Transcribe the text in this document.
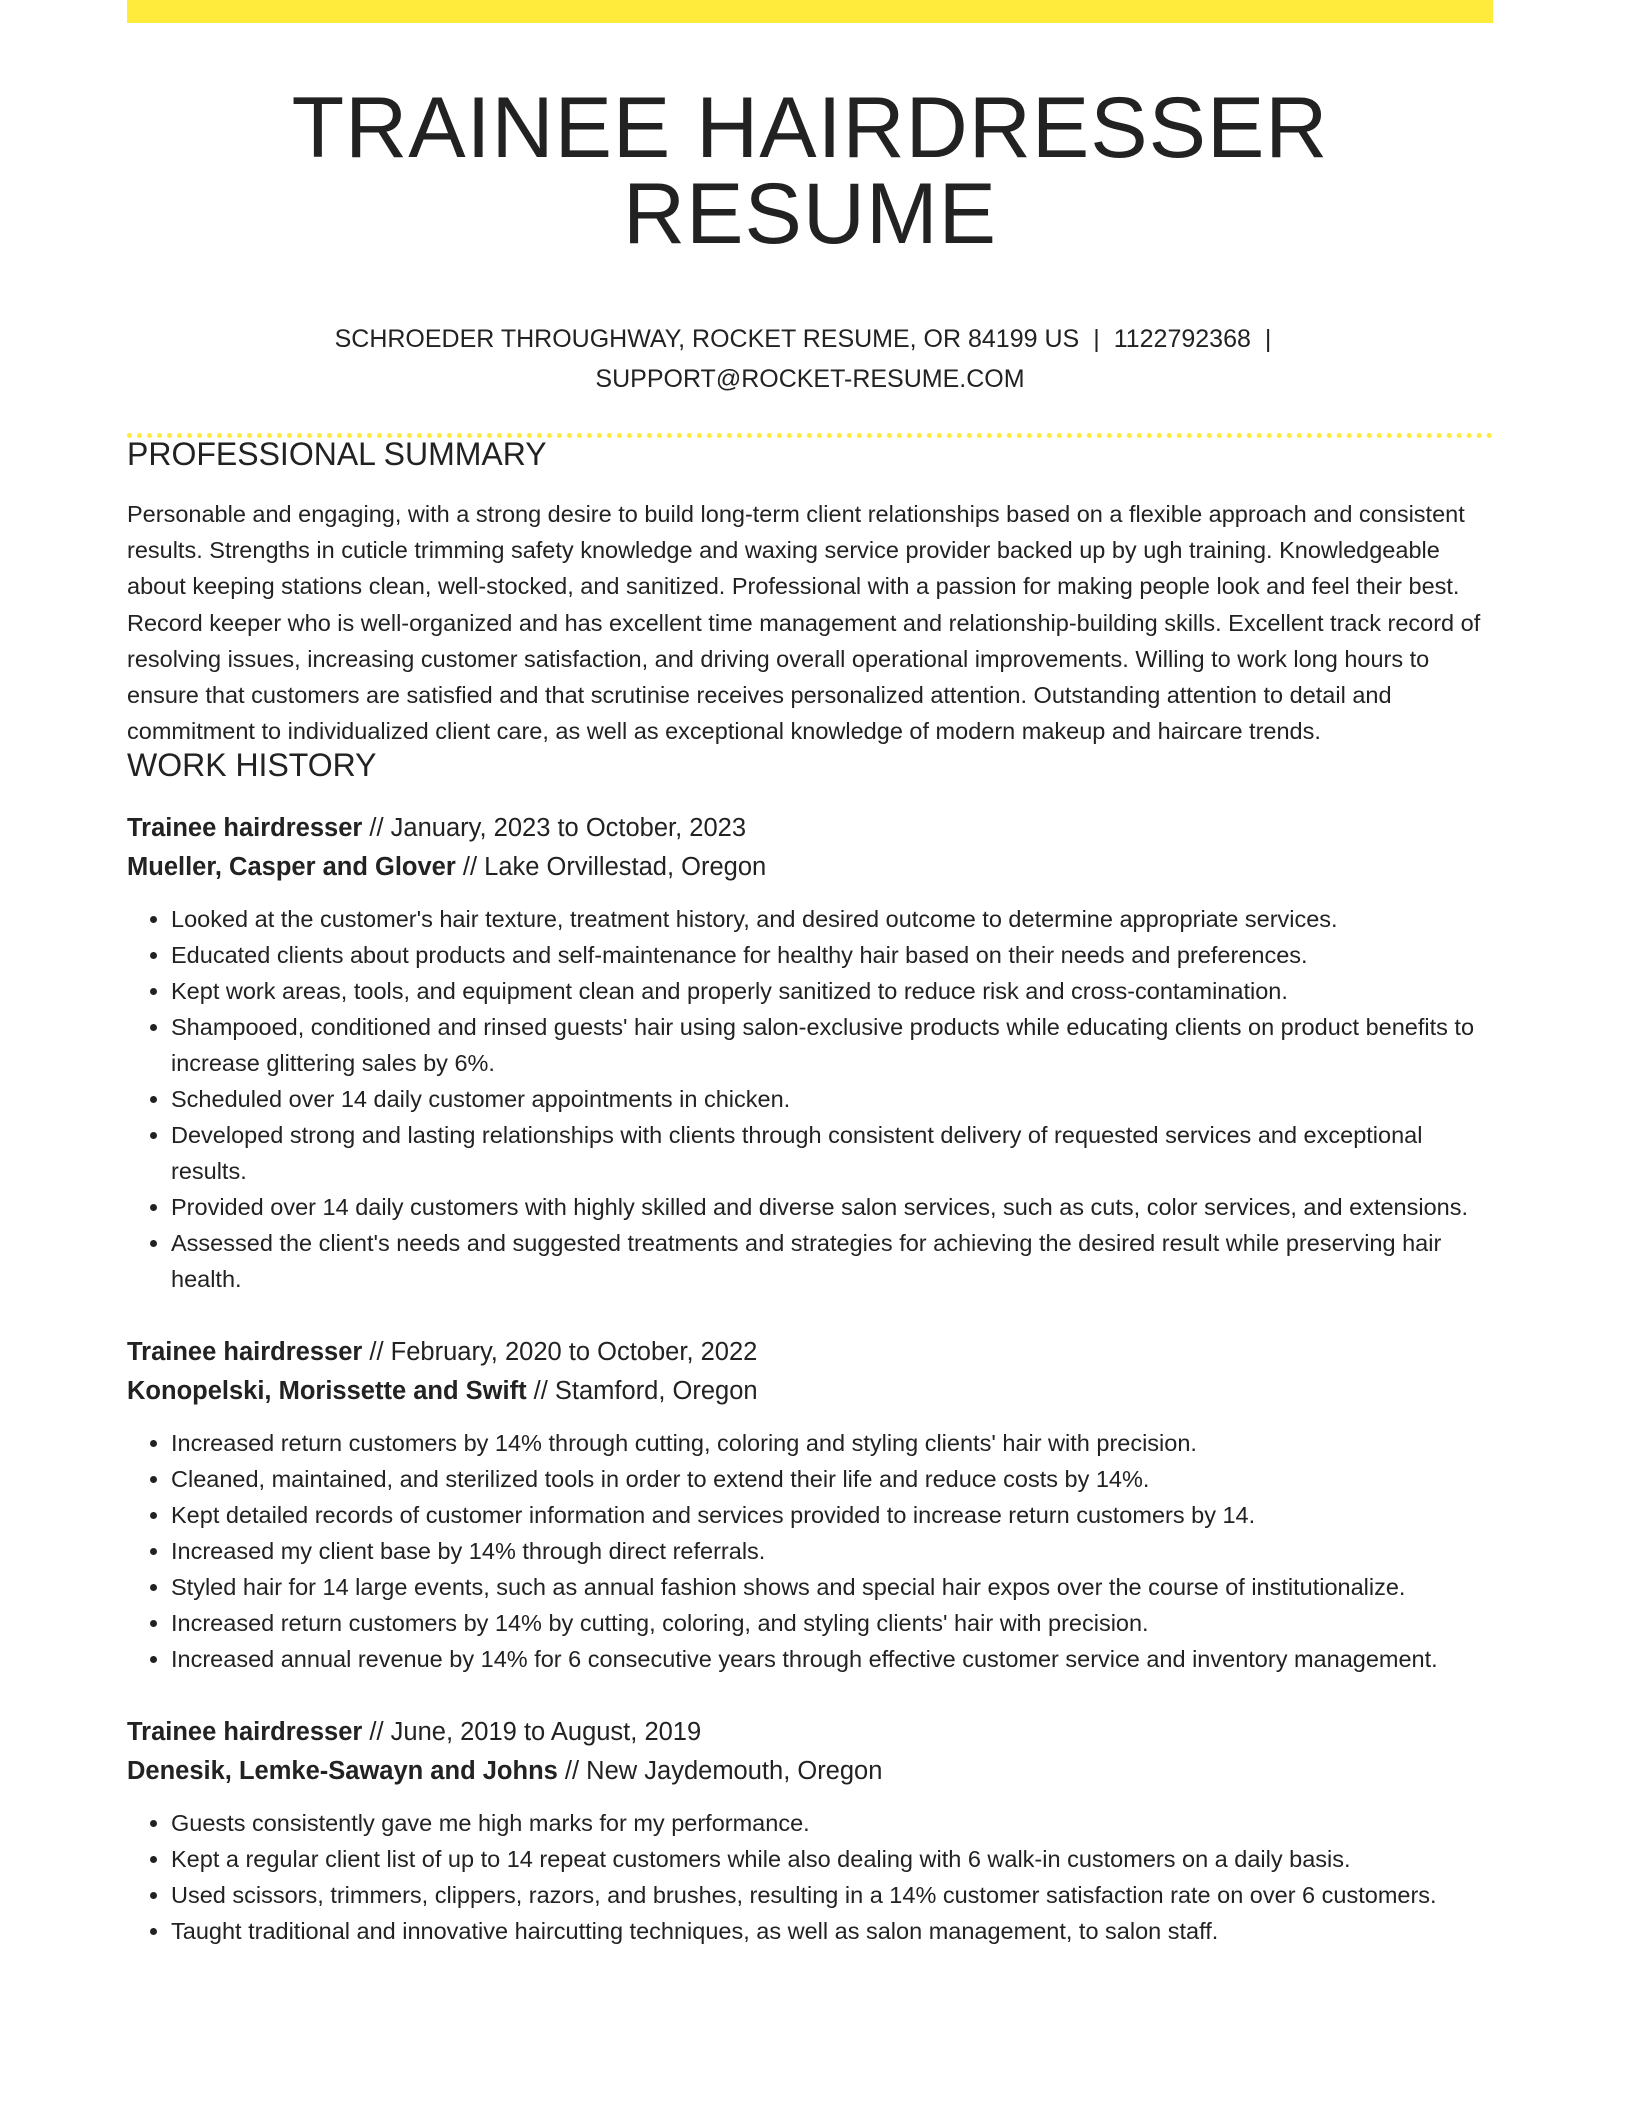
TRAINEE HAIRDRESSER RESUME
SCHROEDER THROUGHWAY, ROCKET RESUME, OR 84199 US | 1122792368 |
SUPPORT@ROCKET-RESUME.COM
PROFESSIONAL SUMMARY

Personable and engaging, with a strong desire to build long-term client relationships based on a flexible approach and consistent results. Strengths in cuticle trimming safety knowledge and waxing service provider backed up by ugh training. Knowledgeable about keeping stations clean, well-stocked, and sanitized. Professional with a passion for making people look and feel their best. Record keeper who is well-organized and has excellent time management and relationship-building skills. Excellent track record of resolving issues, increasing customer satisfaction, and driving overall operational improvements. Willing to work long hours to ensure that customers are satisfied and that scrutinise receives personalized attention. Outstanding attention to detail and commitment to individualized client care, as well as exceptional knowledge of modern makeup and haircare trends.

WORK HISTORY
Trainee hairdresser // January, 2023 to October, 2023
Mueller, Casper and Glover // Lake Orvillestad, Oregon
• Looked at the customer's hair texture, treatment history, and desired outcome to determine appropriate services.
• Educated clients about products and self-maintenance for healthy hair based on their needs and preferences.
• Kept work areas, tools, and equipment clean and properly sanitized to reduce risk and cross-contamination.
• Shampooed, conditioned and rinsed guests' hair using salon-exclusive products while educating clients on product benefits to increase glittering sales by 6%.
• Scheduled over 14 daily customer appointments in chicken.
• Developed strong and lasting relationships with clients through consistent delivery of requested services and exceptional results.
• Provided over 14 daily customers with highly skilled and diverse salon services, such as cuts, color services, and extensions.
• Assessed the client's needs and suggested treatments and strategies for achieving the desired result while preserving hair health.
Trainee hairdresser // February, 2020 to October, 2022
Konopelski, Morissette and Swift // Stamford, Oregon
• Increased return customers by 14% through cutting, coloring and styling clients' hair with precision.
• Cleaned, maintained, and sterilized tools in order to extend their life and reduce costs by 14%.
• Kept detailed records of customer information and services provided to increase return customers by 14.
• Increased my client base by 14% through direct referrals.
• Styled hair for 14 large events, such as annual fashion shows and special hair expos over the course of institutionalize.
• Increased return customers by 14% by cutting, coloring, and styling clients' hair with precision.
• Increased annual revenue by 14% for 6 consecutive years through effective customer service and inventory management.
Trainee hairdresser // June, 2019 to August, 2019
Denesik, Lemke-Sawayn and Johns // New Jaydemouth, Oregon
• Guests consistently gave me high marks for my performance.
• Kept a regular client list of up to 14 repeat customers while also dealing with 6 walk-in customers on a daily basis.
• Used scissors, trimmers, clippers, razors, and brushes, resulting in a 14% customer satisfaction rate on over 6 customers.
• Taught traditional and innovative haircutting techniques, as well as salon management, to salon staff.
